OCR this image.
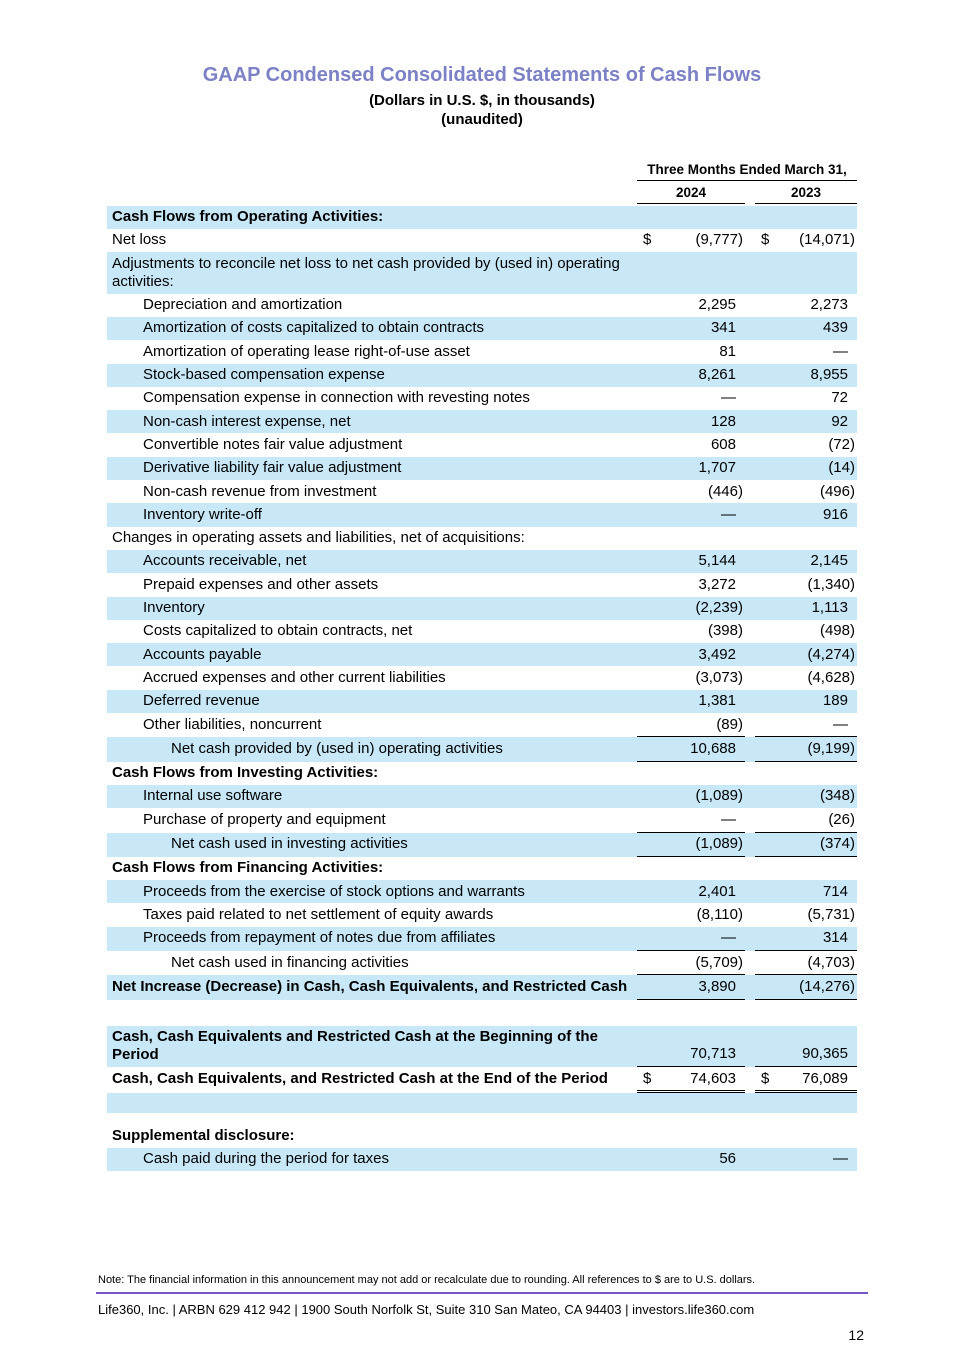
GAAP Condensed Consolidated Statements of Cash Flows
(Dollars in U.S. $, in thousands)
(unaudited)
Three Months Ended March 31,
2024	2023
Cash Flows from Operating Activities:
Net loss	$	(9,777) $ (14,071)
Adjustments to reconcile net loss to net cash provided by (used in) operating activities:
Depreciation and amortization	2,295	2,273
Amortization of costs capitalized to obtain contracts	341	439
Amortization of operating lease right-of-use asset	81	—
Stock-based compensation expense	8,261	8,955
Compensation expense in connection with revesting notes	—	72
Non-cash interest expense, net	128	92
Convertible notes fair value adjustment	608	(72)
Derivative liability fair value adjustment	1,707	(14)
Non-cash revenue from investment	(446)	(496)
Inventory write-off	—	916
Changes in operating assets and liabilities, net of acquisitions:
Accounts receivable, net	5,144	2,145
Prepaid expenses and other assets	3,272	(1,340)
Inventory	(2,239)	1,113
Costs capitalized to obtain contracts, net	(398)	(498)
Accounts payable	3,492	(4,274)
Accrued expenses and other current liabilities	(3,073)	(4,628)
Deferred revenue	1,381	189
Other liabilities, noncurrent	(89)	—
Net cash provided by (used in) operating activities	10,688	(9,199)
Cash Flows from Investing Activities:
Internal use software	(1,089)	(348)
Purchase of property and equipment	—	(26)
Net cash used in investing activities	(1,089)	(374)
Cash Flows from Financing Activities:
Proceeds from the exercise of stock options and warrants	2,401	714
Taxes paid related to net settlement of equity awards	(8,110)	(5,731)
Proceeds from repayment of notes due from affiliates	—	314
Net cash used in financing activities	(5,709)	(4,703)
Net Increase (Decrease) in Cash, Cash Equivalents, and Restricted Cash	3,890	(14,276)
Cash, Cash Equivalents and Restricted Cash at the Beginning of the Period	70,713	90,365
Cash, Cash Equivalents, and Restricted Cash at the End of the Period	$	74,603	$ 76,089
Supplemental disclosure:
Cash paid during the period for taxes	56	—
Note: The financial information in this announcement may not add or recalculate due to rounding. All references to $ are to U.S. dollars.
Life360, Inc. | ARBN 629 412 942 | 1900 South Norfolk St, Suite 310 San Mateo, CA 94403 | investors.life360.com
12
